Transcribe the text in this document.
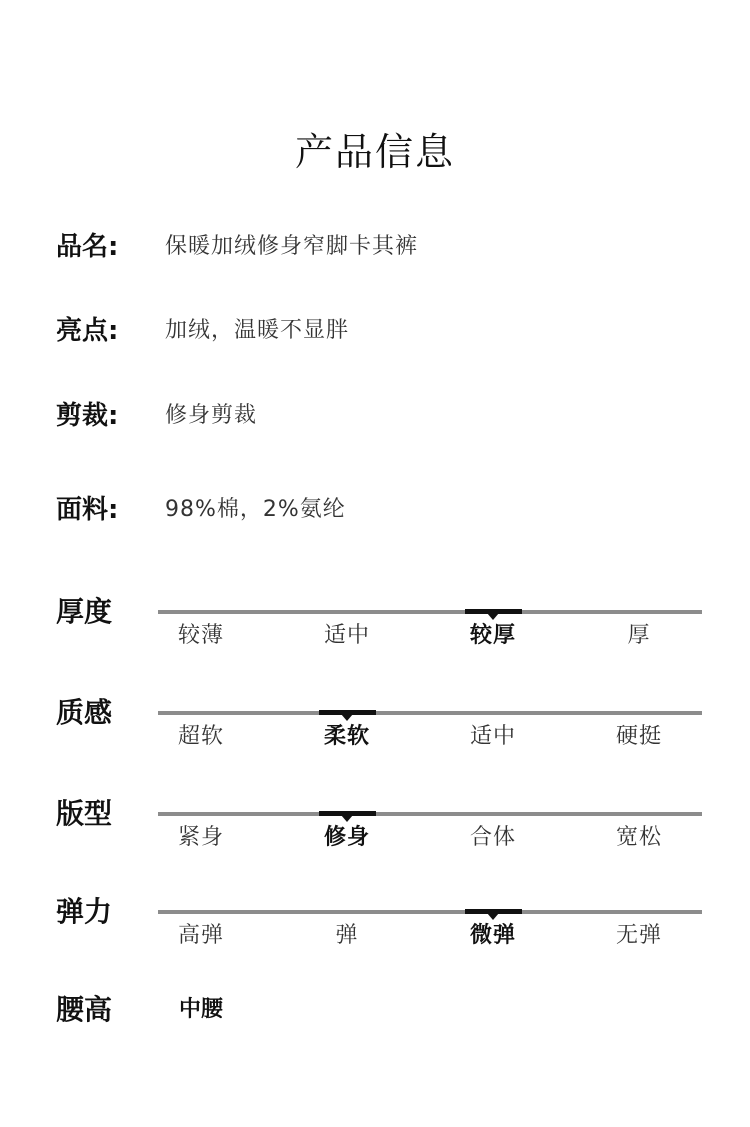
产品信息
品名:	保暖加绒修身窄脚卡其裤
亮点:	加绒，温暖不显胖
剪裁:	修身剪裁
面料:	98%棉，2%氨纶
厚度
较薄	适中	较厚	厚
质感
超软	柔软	适中	硬挺
版型
紧身	修身	合体	宽松
弹力
高弹	弹	微弹	无弹
腰高	中腰
